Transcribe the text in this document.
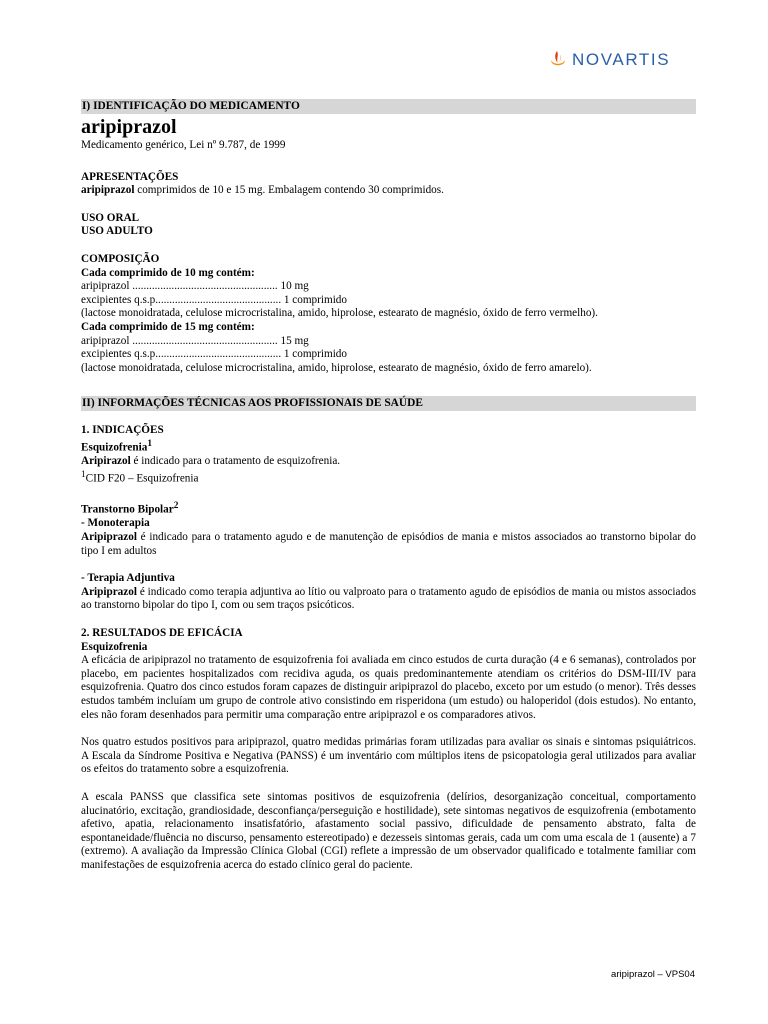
NOVARTIS
I) IDENTIFICAÇÃO DO MEDICAMENTO
aripiprazol

Medicamento genérico, Lei nº 9.787, de 1999

APRESENTAÇÕES

aripiprazol comprimidos de 10 e 15 mg. Embalagem contendo 30 comprimidos.

USO ORAL

USO ADULTO

COMPOSIÇÃO

Cada comprimido de 10 mg contém:

aripiprazol .................................................... 10 mg

excipientes q.s.p............................................. 1 comprimido

(lactose monoidratada, celulose microcristalina, amido, hiprolose, estearato de magnésio, óxido de ferro vermelho).

Cada comprimido de 15 mg contém:

aripiprazol .................................................... 15 mg

excipientes q.s.p............................................. 1 comprimido

(lactose monoidratada, celulose microcristalina, amido, hiprolose, estearato de magnésio, óxido de ferro amarelo).

II) INFORMAÇÕES TÉCNICAS AOS PROFISSIONAIS DE SAÚDE

1. INDICAÇÕES

Esquizofrenia$^1$

Aripirazol é indicado para o tratamento de esquizofrenia.

$^1$CID F20 – Esquizofrenia

Transtorno Bipolar$^2$

- Monoterapia

Aripiprazol é indicado para o tratamento agudo e de manutenção de episódios de mania e mistos associados ao transtorno bipolar do tipo I em adultos

- Terapia Adjuntiva

Aripiprazol é indicado como terapia adjuntiva ao lítio ou valproato para o tratamento agudo de episódios de mania ou mistos associados ao transtorno bipolar do tipo I, com ou sem traços psicóticos.

2. RESULTADOS DE EFICÁCIA

Esquizofrenia

A eficácia de aripiprazol no tratamento de esquizofrenia foi avaliada em cinco estudos de curta duração (4 e 6 semanas), controlados por placebo, em pacientes hospitalizados com recidiva aguda, os quais predominantemente atendiam os critérios do DSM-III/IV para esquizofrenia. Quatro dos cinco estudos foram capazes de distinguir aripiprazol do placebo, exceto por um estudo (o menor). Três desses estudos também incluíam um grupo de controle ativo consistindo em risperidona (um estudo) ou haloperidol (dois estudos). No entanto, eles não foram desenhados para permitir uma comparação entre aripiprazol e os comparadores ativos.

Nos quatro estudos positivos para aripiprazol, quatro medidas primárias foram utilizadas para avaliar os sinais e sintomas psiquiátricos. A Escala da Síndrome Positiva e Negativa (PANSS) é um inventário com múltiplos itens de psicopatologia geral utilizados para avaliar os efeitos do tratamento sobre a esquizofrenia.

A escala PANSS que classifica sete sintomas positivos de esquizofrenia (delírios, desorganização conceitual, comportamento alucinatório, excitação, grandiosidade, desconfiança/perseguição e hostilidade), sete sintomas negativos de esquizofrenia (embotamento afetivo, apatia, relacionamento insatisfatório, afastamento social passivo, dificuldade de pensamento abstrato, falta de espontaneidade/fluência no discurso, pensamento estereotipado) e dezesseis sintomas gerais, cada um com uma escala de 1 (ausente) a 7 (extremo). A avaliação da Impressão Clínica Global (CGI) reflete a impressão de um observador qualificado e totalmente familiar com manifestações de esquizofrenia acerca do estado clínico geral do paciente.

aripiprazol – VPS04
